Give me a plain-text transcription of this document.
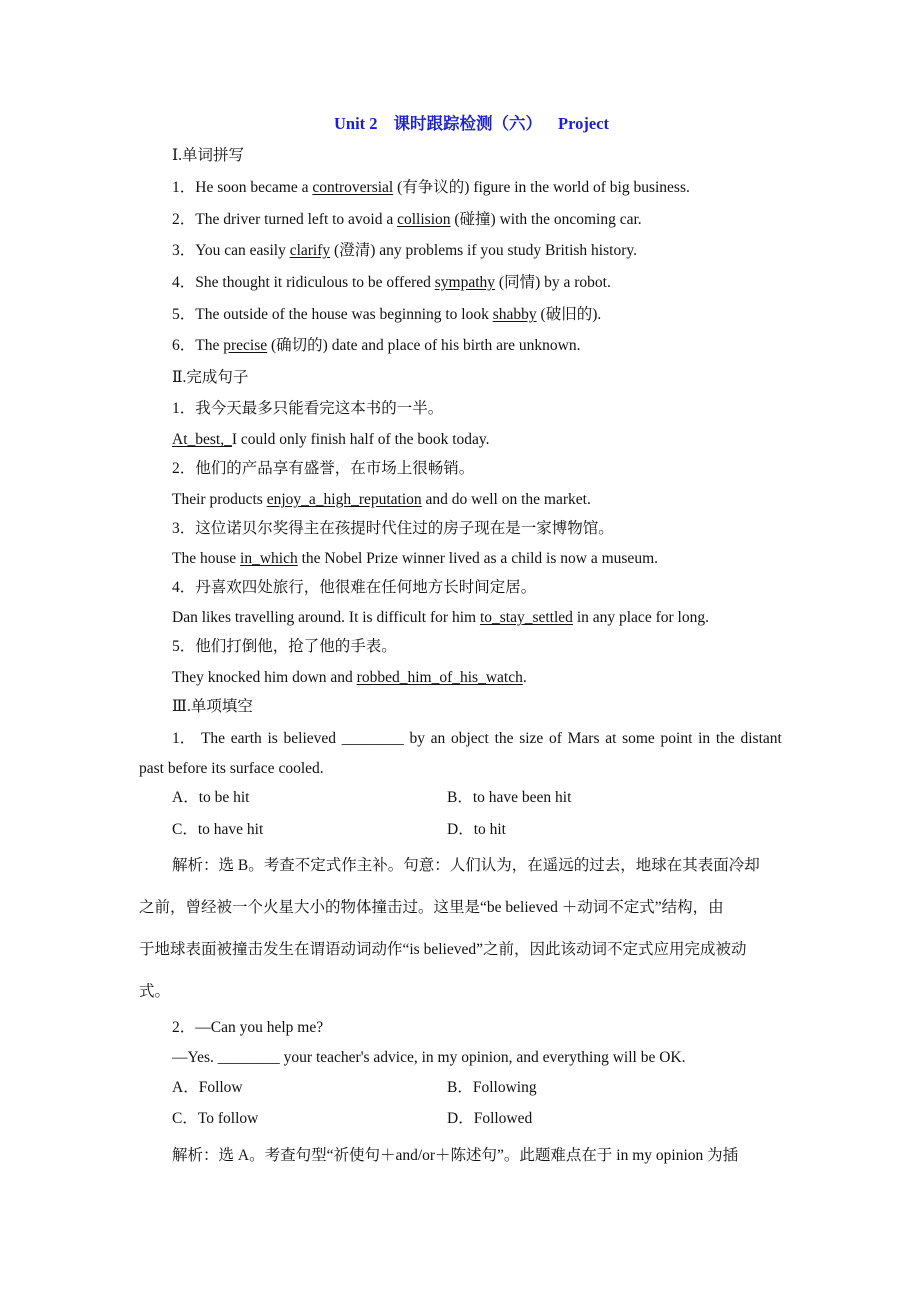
Unit 2 课时跟踪检测（六） Project
Ⅰ.单词拼写
1．He soon became a controversial (有争议的) figure in the world of big business.
2．The driver turned left to avoid a collision (碰撞) with the oncoming car.
3．You can easily clarify (澄清) any problems if you study British history.
4．She thought it ridiculous to be offered sympathy (同情) by a robot.
5．The outside of the house was beginning to look shabby (破旧的).
6．The precise (确切的) date and place of his birth are unknown.
Ⅱ.完成句子
1．我今天最多只能看完这本书的一半。
At_best,_I could only finish half of the book today.
2．他们的产品享有盛誉，在市场上很畅销。
Their products enjoy_a_high_reputation and do well on the market.
3．这位诺贝尔奖得主在孩提时代住过的房子现在是一家博物馆。
The house in_which the Nobel Prize winner lived as a child is now a museum.
4．丹喜欢四处旅行，他很难在任何地方长时间定居。
Dan likes travelling around. It is difficult for him to_stay_settled in any place for long.
5．他们打倒他，抢了他的手表。
They knocked him down and robbed_him_of_his_watch.
Ⅲ.单项填空
1． The earth is believed ________ by an object the size of Mars at some point in the distant
past before its surface cooled.
A．to be hit	B．to have been hit
C．to have hit	D．to hit
解析：选 B。考查不定式作主补。句意：人们认为，在遥远的过去，地球在其表面冷却
之前，曾经被一个火星大小的物体撞击过。这里是“be believed ＋动词不定式”结构，由
于地球表面被撞击发生在谓语动词动作“is believed”之前，因此该动词不定式应用完成被动
式。
2．—Can you help me?
—Yes. ________ your teacher's advice, in my opinion, and everything will be OK.
A．Follow	B．Following
C．To follow	D．Followed
解析：选 A。考查句型“祈使句＋and/or＋陈述句”。此题难点在于 in my opinion 为插
